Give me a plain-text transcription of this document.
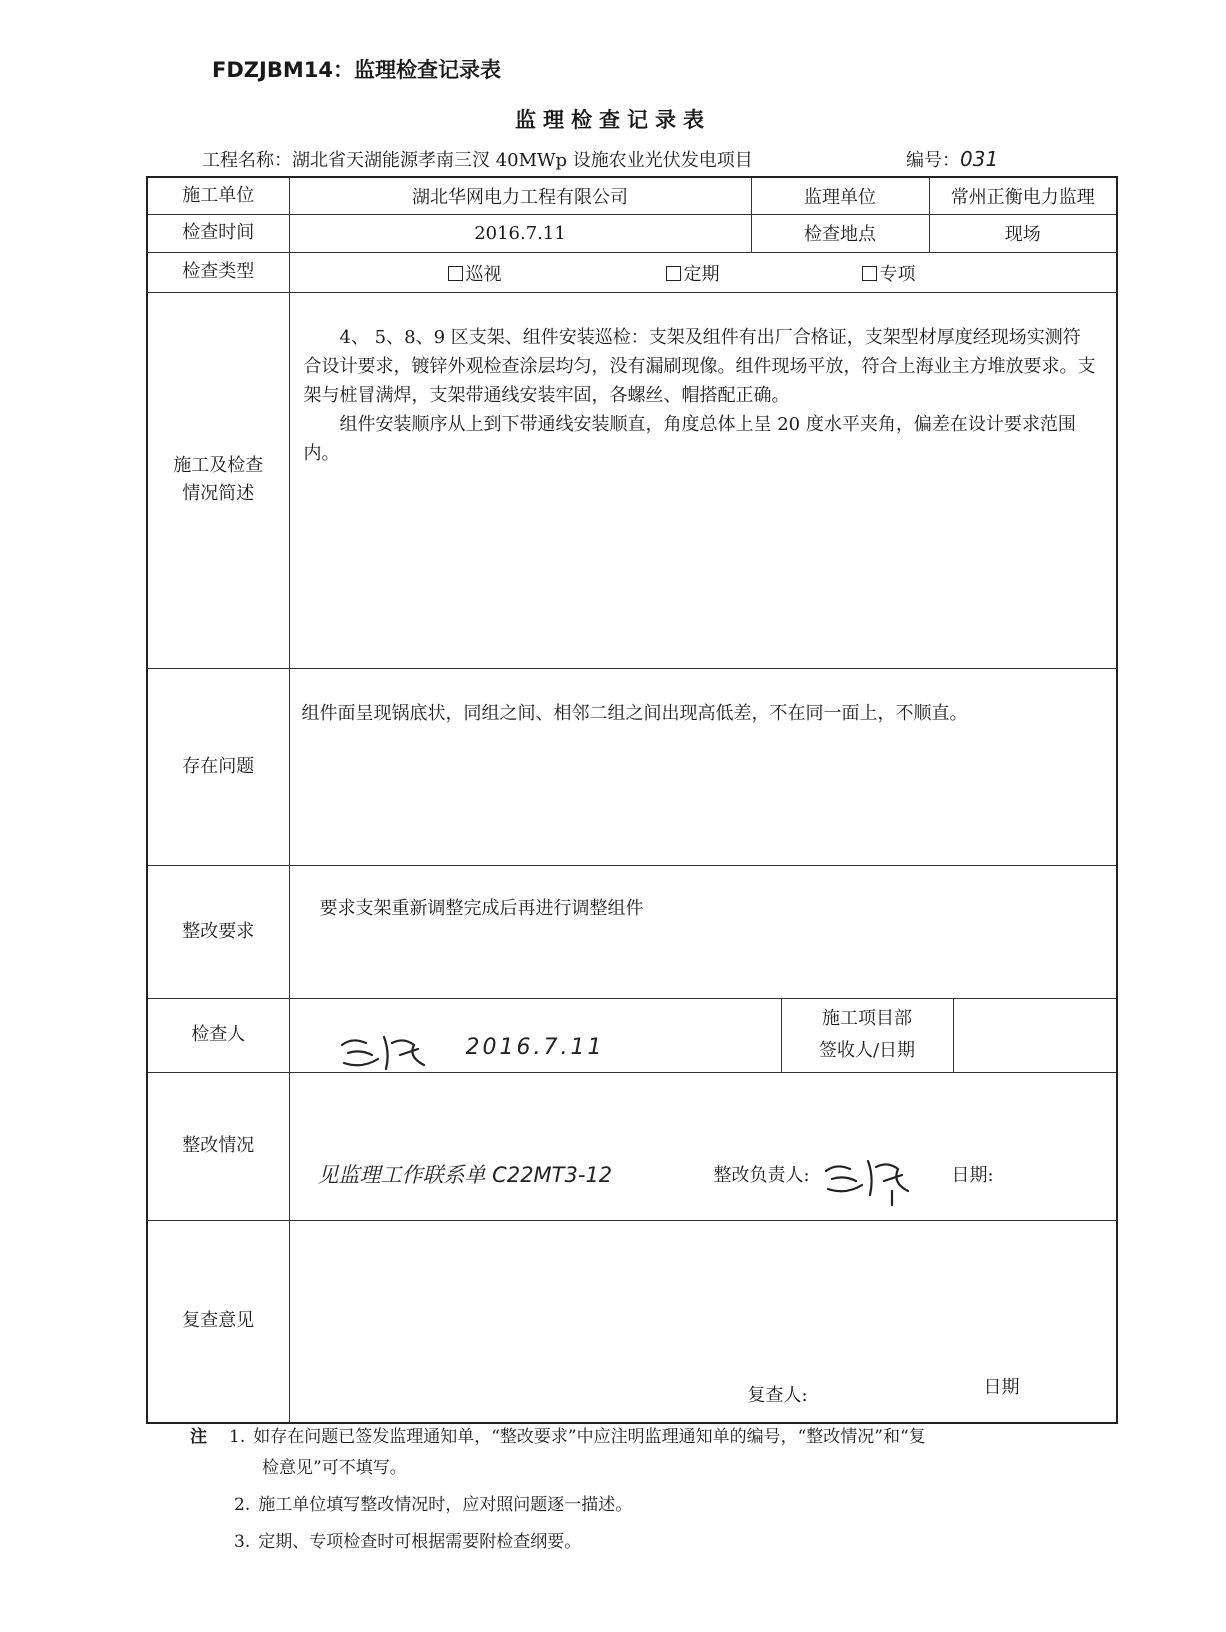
FDZJBM14：监理检查记录表
监理检查记录表
工程名称：湖北省天湖能源孝南三汊 40MWp 设施农业光伏发电项目	编号：031
施工单位	湖北华网电力工程有限公司	监理单位		常州正衡电力监理	
检查时间	2016.7.11	检查地点		现场	
检查类型	巡视 定期 专项				

施工及检查情况简述	4、 5、8、9 区支架、组件安装巡检：支架及组件有出厂合格证，支架型材厚度经现场实测符合设计要求，镀锌外观检查涂层均匀，没有漏刷现像。组件现场平放，符合上海业主方堆放要求。支架与桩冒满焊，支架带通线安装牢固，各螺丝、帽搭配正确。

组件安装顺序从上到下带通线安装顺直，角度总体上呈 20 度水平夹角，偏差在设计要求范围内。				

存在问题	组件面呈现锅底状，同组之间、相邻二组之间出现高低差，不在同一面上，不顺直。				
整改要求	要求支架重新调整完成后再进行调整组件				
检查人	2016.7.11		施工项目部
签收人/日期		

整改情况	见监理工作联系单 C22MT3-12 整改负责人: 日期:				

复查意见	复查人: 日期				
注 1. 如存在问题已签发监理通知单，“整改要求”中应注明监理通知单的编号，“整改情况”和“复
检意见”可不填写。
2. 施工单位填写整改情况时，应对照问题逐一描述。
3. 定期、专项检查时可根据需要附检查纲要。
